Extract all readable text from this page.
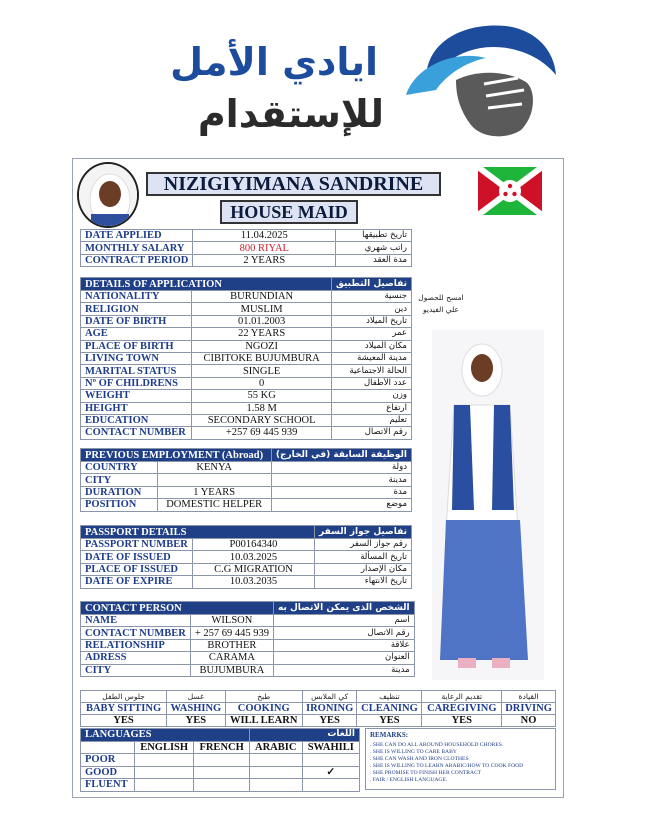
ايادي الأمل
للإستقدام
NIZIGIYIMANA SANDRINE
HOUSE MAID
DATE APPLIED	11.04.2025	تاريخ تطبيقها
MONTHLY SALARY	800 RIYAL	راتب شهري
CONTRACT PERIOD	2 YEARS	مدة العقد
DETAILS OF APPLICATION		تفاصيل التطبيق
NATIONALITY	BURUNDIAN	جنسية
RELIGION	MUSLIM	دين
DATE OF BIRTH	01.01.2003	تاريخ الميلاد
AGE	22 YEARS	عمر
PLACE OF BIRTH	NGOZI	مكان الميلاد
LIVING TOWN	CIBITOKE BUJUMBURA	مدينة المعيشة
MARITAL STATUS	SINGLE	الحالة الاجتماعية
Nº OF CHILDRENS	0	عدد الأطفال
WEIGHT	55 KG	وزن
HEIGHT	1.58 M	ارتفاع
EDUCATION	SECONDARY SCHOOL	تعليم
CONTACT NUMBER	+257 69 445 939	رقم الاتصال
PREVIOUS EMPLOYMENT (Abroad)		الوظيفة السابقة (في الخارج)
COUNTRY	KENYA	دولة
CITY		مدينة
DURATION	1 YEARS	مدة
POSITION	DOMESTIC HELPER	موضع
PASSPORT DETAILS		تفاصيل جواز السفر
PASSPORT NUMBER	P00164340	رقم جواز السفر
DATE OF ISSUED	10.03.2025	تاريخ المسألة
PLACE OF ISSUED	C.G MIGRATION	مكان الإصدار
DATE OF EXPIRE	10.03.2035	تاريخ الانتهاء
CONTACT PERSON		الشخص الذى يمكن الاتصال به
NAME	WILSON	اسم
CONTACT NUMBER	+ 257 69 445 939	رقم الاتصال
RELATIONSHIP	BROTHER	علاقة
ADRESS	CARAMA	العنوان
CITY	BUJUMBURA	مدينة
امسح للحصول علي الفيديو
جلوس الطفل	غسل	طبخ	كي الملابس	تنظيف	تقديم الرعاية	القيادة
BABY SITTING	WASHING	COOKING	IRONING	CLEANING	CAREGIVING	DRIVING
YES	YES	WILL LEARN	YES	YES	YES	NO
LANGUAGES			اللغات	
	ENGLISH	FRENCH	ARABIC	SWAHILI
POOR				
GOOD				✓
FLUENT				
REMARKS:
. SHE CAN DO ALL AROUND HOUSEHOLD CHORES.
. SHE IS WILLING TO CARE BABY
. SHE CAN WASH AND IRON CLOTHES
. SHE IS WILLING TO LEARN ARABIC/HOW TO COOK FOOD
. SHE PROMISE TO FINISH HER CONTRACT
. FAIR / ENGLISH LANGUAGE.
